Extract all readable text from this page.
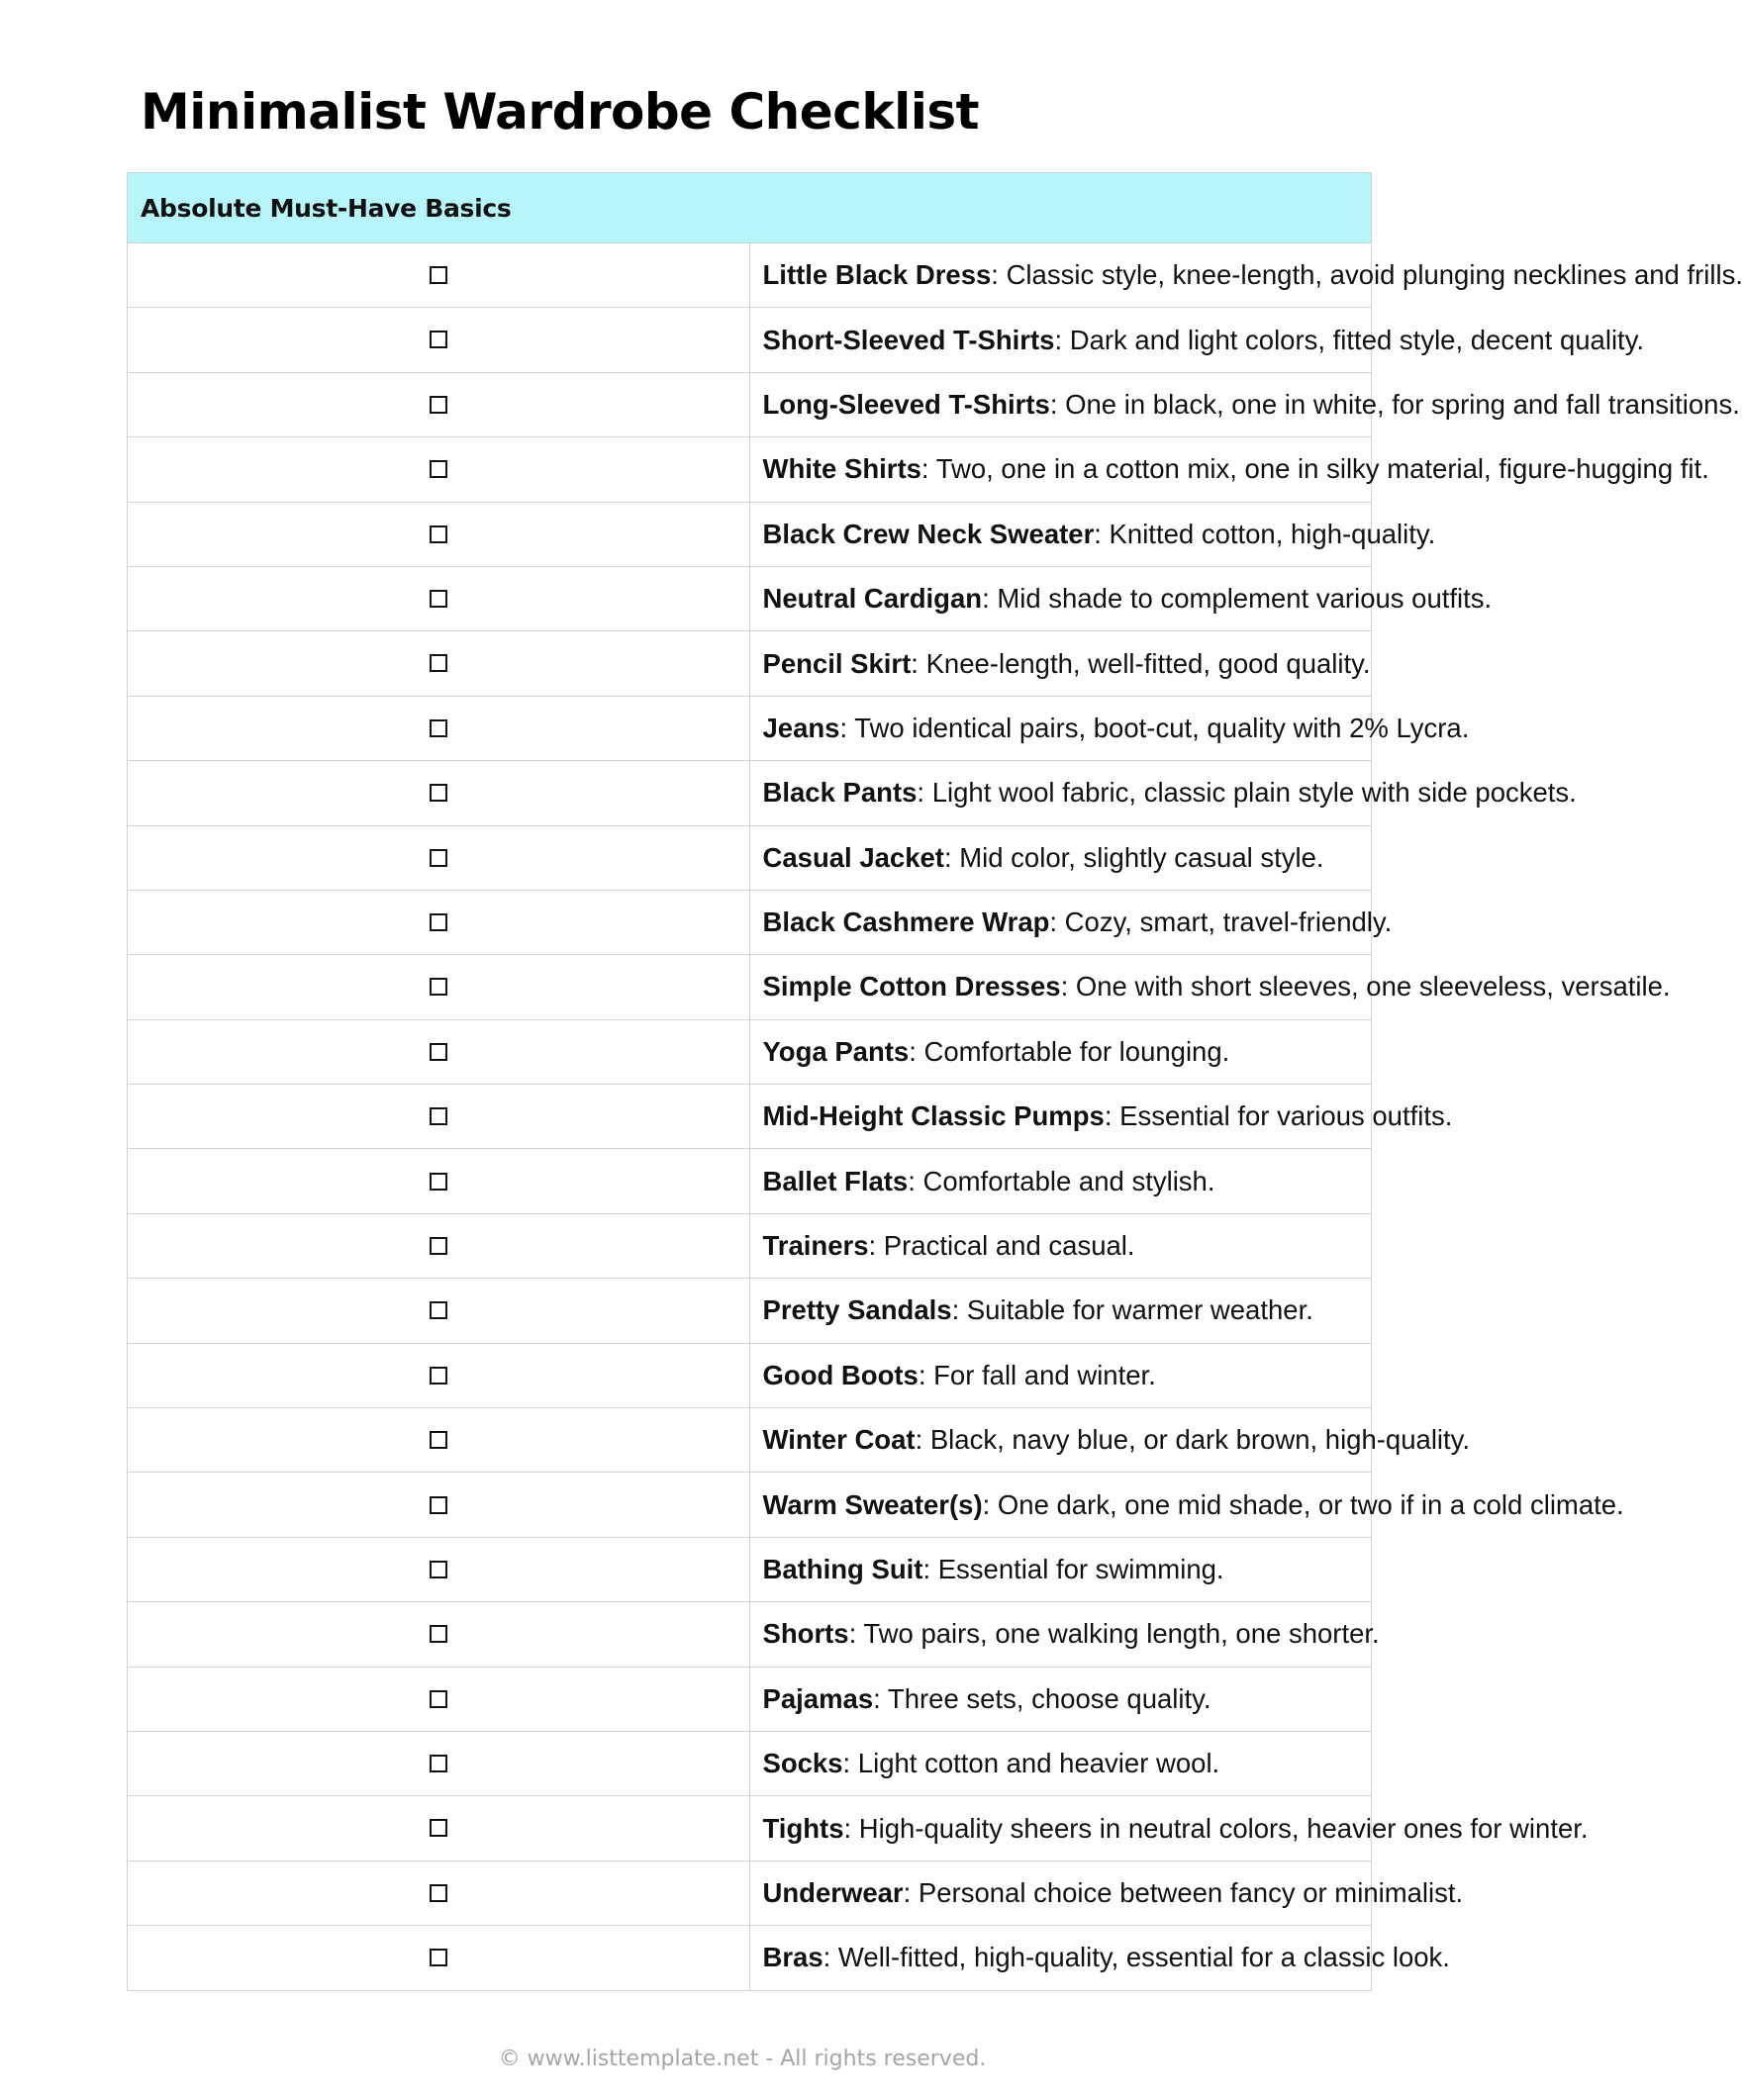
Minimalist Wardrobe Checklist
Absolute Must-Have Basics	
	Little Black Dress: Classic style, knee-length, avoid plunging necklines and frills.
	Short-Sleeved T-Shirts: Dark and light colors, fitted style, decent quality.
	Long-Sleeved T-Shirts: One in black, one in white, for spring and fall transitions.
	White Shirts: Two, one in a cotton mix, one in silky material, figure-hugging fit.
	Black Crew Neck Sweater: Knitted cotton, high-quality.
	Neutral Cardigan: Mid shade to complement various outfits.
	Pencil Skirt: Knee-length, well-fitted, good quality.
	Jeans: Two identical pairs, boot-cut, quality with 2% Lycra.
	Black Pants: Light wool fabric, classic plain style with side pockets.
	Casual Jacket: Mid color, slightly casual style.
	Black Cashmere Wrap: Cozy, smart, travel-friendly.
	Simple Cotton Dresses: One with short sleeves, one sleeveless, versatile.
	Yoga Pants: Comfortable for lounging.
	Mid-Height Classic Pumps: Essential for various outfits.
	Ballet Flats: Comfortable and stylish.
	Trainers: Practical and casual.
	Pretty Sandals: Suitable for warmer weather.
	Good Boots: For fall and winter.
	Winter Coat: Black, navy blue, or dark brown, high-quality.
	Warm Sweater(s): One dark, one mid shade, or two if in a cold climate.
	Bathing Suit: Essential for swimming.
	Shorts: Two pairs, one walking length, one shorter.
	Pajamas: Three sets, choose quality.
	Socks: Light cotton and heavier wool.
	Tights: High-quality sheers in neutral colors, heavier ones for winter.
	Underwear: Personal choice between fancy or minimalist.
	Bras: Well-fitted, high-quality, essential for a classic look.
© www.listtemplate.net - All rights reserved.
